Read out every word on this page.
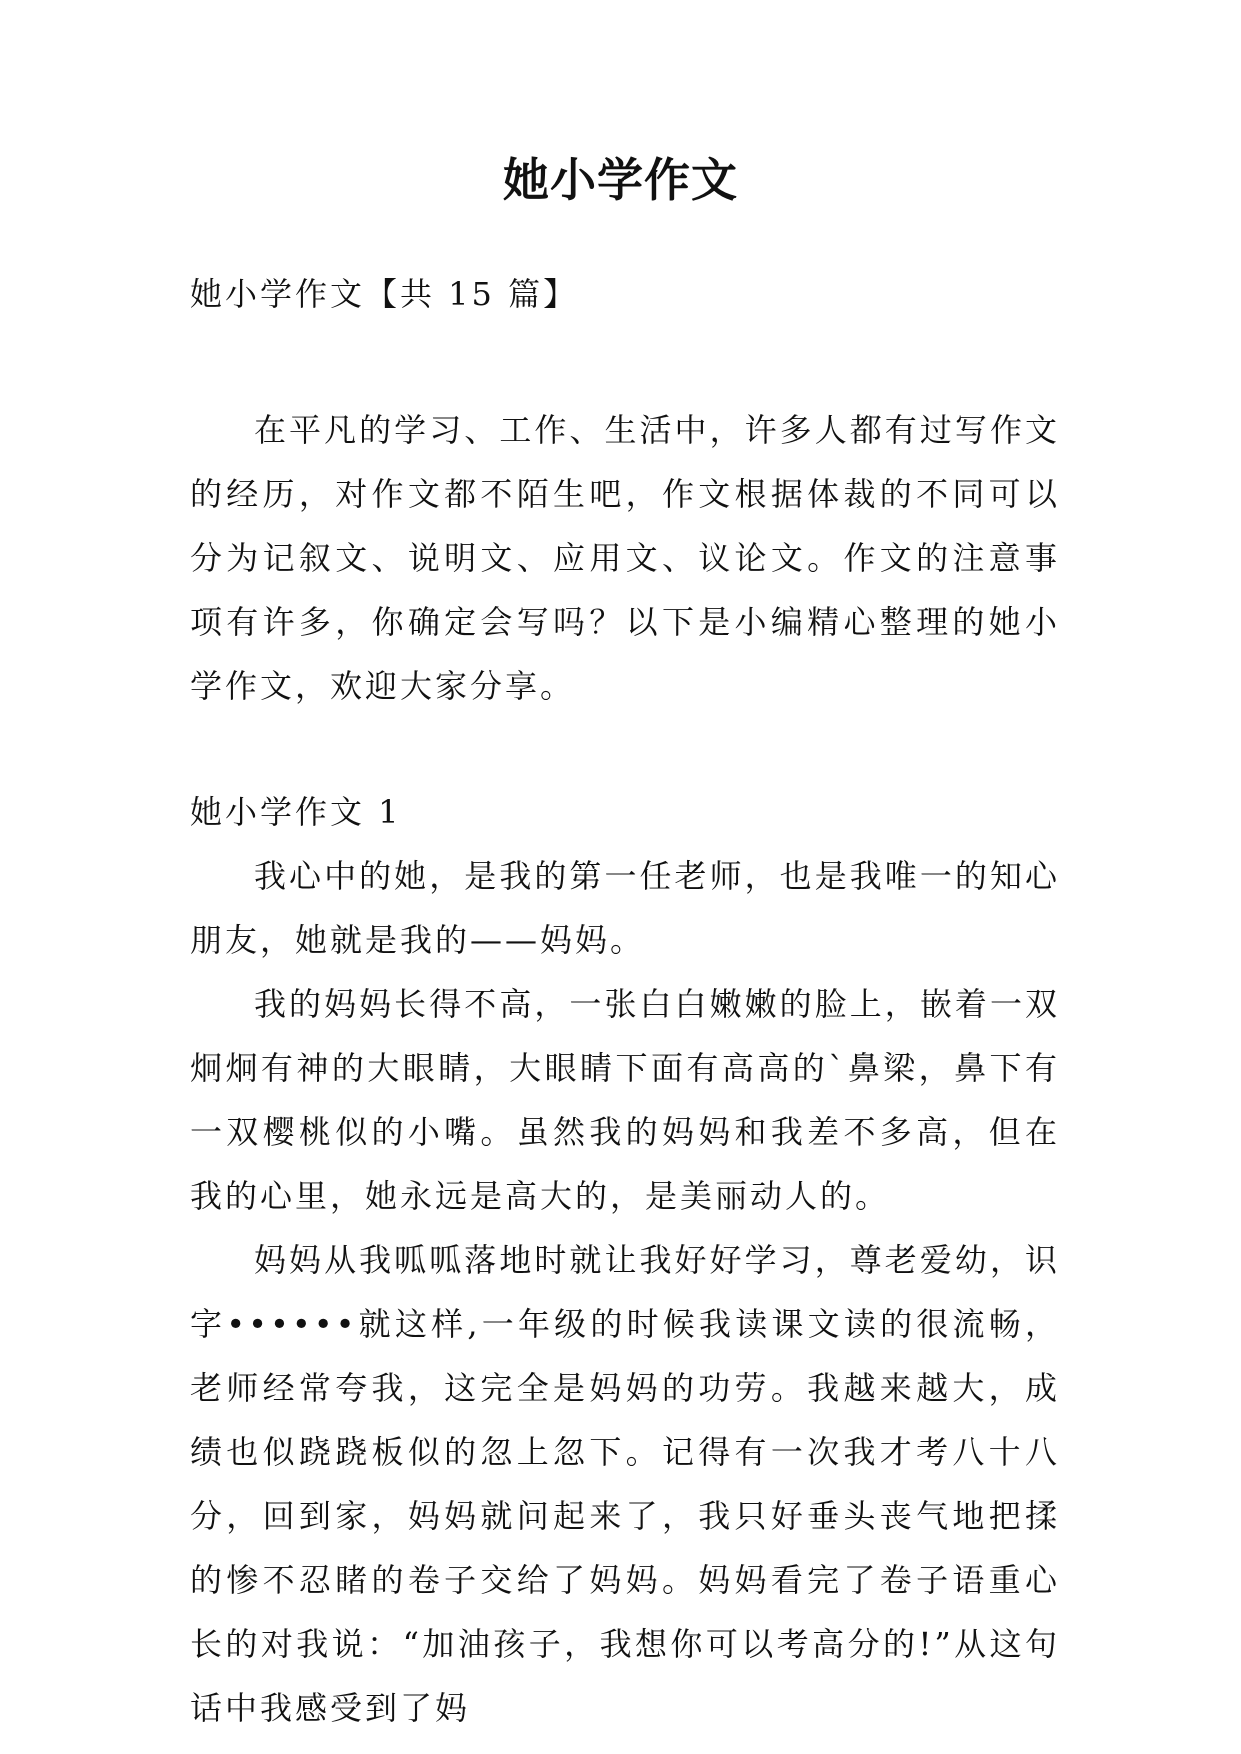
她小学作文

她小学作文【共 15 篇】

在平凡的学习、工作、生活中，许多人都有过写作文的经历，对作文都不陌生吧，作文根据体裁的不同可以分为记叙文、说明文、应用文、议论文。作文的注意事项有许多，你确定会写吗？以下是小编精心整理的她小学作文，欢迎大家分享。

她小学作文 1

我心中的她，是我的第一任老师，也是我唯一的知心朋友，她就是我的——妈妈。

我的妈妈长得不高，一张白白嫩嫩的脸上，嵌着一双炯炯有神的大眼睛，大眼睛下面有高高的`鼻梁，鼻下有一双樱桃似的小嘴。虽然我的妈妈和我差不多高，但在我的心里，她永远是高大的，是美丽动人的。

妈妈从我呱呱落地时就让我好好学习，尊老爱幼，识字••••••就这样,一年级的时候我读课文读的很流畅，老师经常夸我，这完全是妈妈的功劳。我越来越大，成绩也似跷跷板似的忽上忽下。记得有一次我才考八十八分，回到家，妈妈就问起来了，我只好垂头丧气地把揉的惨不忍睹的卷子交给了妈妈。妈妈看完了卷子语重心长的对我说：“加油孩子，我想你可以考高分的!”从这句话中我感受到了妈
